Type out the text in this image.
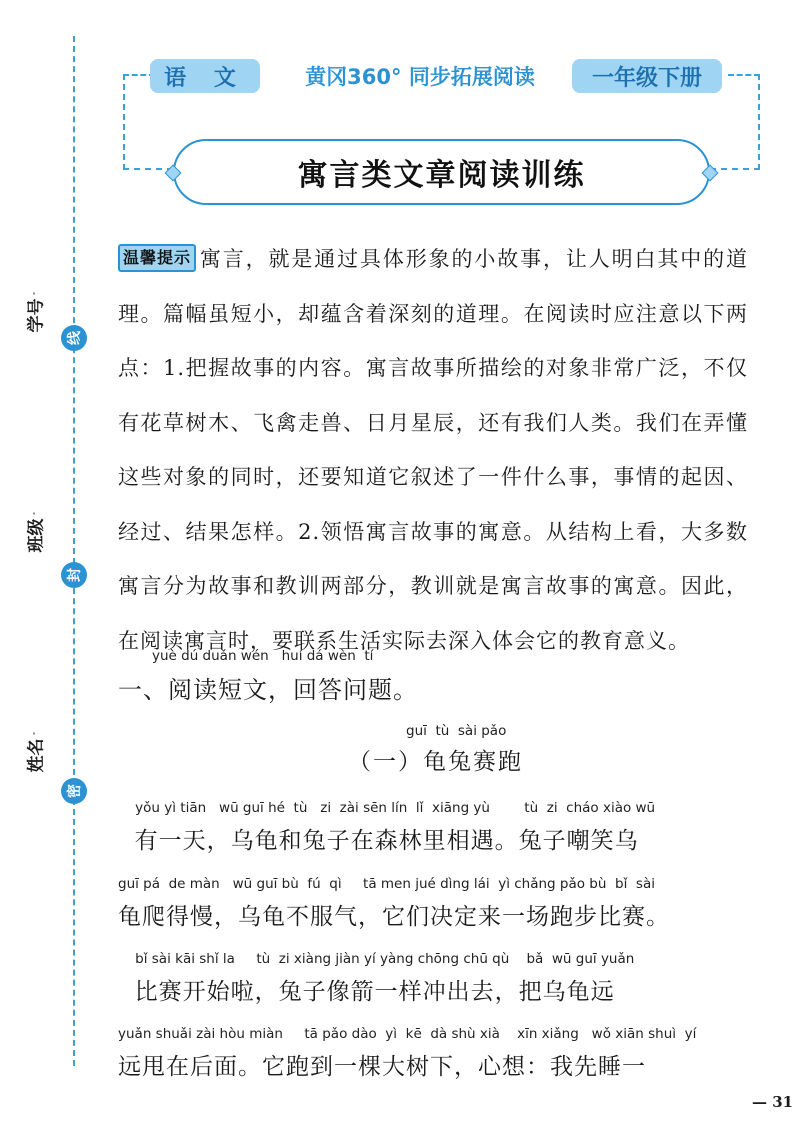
线
封
密
学号
班级
姓名
语 文	黄冈360° 同步拓展阅读	一年级下册
寓言类文章阅读训练
温馨提示 寓言，就是通过具体形象的小故事，让人明白其中的道理。篇幅虽短小，却蕴含着深刻的道理。在阅读时应注意以下两点：1.把握故事的内容。寓言故事所描绘的对象非常广泛，不仅有花草树木、飞禽走兽、日月星辰，还有我们人类。我们在弄懂这些对象的同时，还要知道它叙述了一件什么事，事情的起因、经过、结果怎样。2.领悟寓言故事的寓意。从结构上看，大多数寓言分为故事和教训两部分，教训就是寓言故事的寓意。因此，在阅读寓言时，要联系生活实际去深入体会它的教育意义。
yuè dú duǎn wén   huí dá wèn  tí
一、阅读短文，回答问题。
guī  tù  sài pǎo
（一）龟兔赛跑
yǒu yì tiān   wū guī hé  tù   zi  zài sēn lín  lǐ  xiāng yù        tù  zi  cháo xiào wū
有一天，乌龟和兔子在森林里相遇。兔子嘲笑乌
guī pá  de màn   wū guī bù  fú  qì     tā men jué dìng lái  yì chǎng pǎo bù  bǐ  sài
龟爬得慢，乌龟不服气，它们决定来一场跑步比赛。
bǐ sài kāi shǐ la     tù  zi xiàng jiàn yí yàng chōng chū qù    bǎ  wū guī yuǎn
比赛开始啦，兔子像箭一样冲出去，把乌龟远
yuǎn shuǎi zài hòu miàn     tā pǎo dào  yì  kē  dà shù xià    xīn xiǎng   wǒ xiān shuì  yí
远甩在后面。它跑到一棵大树下，心想：我先睡一
— 31
